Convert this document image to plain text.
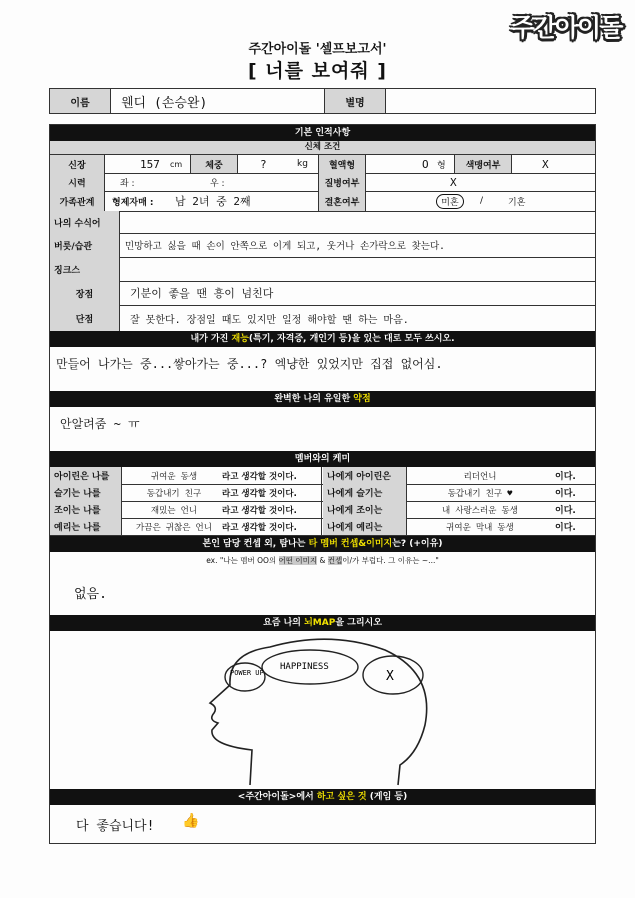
주간아이돌
주간아이돌 '셀프보고서'
[ 너를 보여줘 ]
이름	웬디 (손승완)	별명
기본 인적사항
신체 조건
신장	157	cm	체중	?	kg	혈액형	O 형	색맹여부	X
시력	좌 :	우 :	질병여부	X
가족관계	형제자매 :	남 2녀 중 2째	결혼여부	미혼	/	기혼
나의 수식어
버릇/습관	민망하고 싫을 때 손이 안쪽으로 이게 되고, 웃거나 손가락으로 찾는다.
징크스
장점	기분이 좋을 땐 흥이 넘친다
단점	잘 못한다. 장점일 때도 있지만 일정 해야할 땐 하는 마음.
내가 가진 재능(특기, 자격증, 개인기 등)을 있는 대로 모두 쓰시오.
만들어 나가는 중...쌓아가는 중...? 엑냥한 있었지만 집접 없어심.
완벽한 나의 유일한 약점
안알려줌 ~ ㅠ
멤버와의 케미
아이린은 나를	귀여운 동생	라고 생각할 것이다.	나에게 아이린은	리더언니	이다.
슬기는 나를	동갑내기 친구	라고 생각할 것이다.	나에게 슬기는	동갑내기 친구 ♥	이다.
조이는 나를	재밌는 언니	라고 생각할 것이다.	나에게 조이는	내 사랑스러운 동생	이다.
예리는 나를	가끔은 귀찮은 언니	라고 생각할 것이다.	나에게 예리는	귀여운 막내 동생	이다.
본인 담당 컨셉 외, 탐나는 타 멤버 컨셉&이미지는? (+이유)
ex. "나는 멤버 OO의 어떤 이미지 & 컨셉이/가 부럽다. 그 이유는 ~..."
없음.
요즘 나의 뇌MAP을 그리시오
POWER UP
HAPPINESS
X
<주간아이돌>에서 하고 싶은 것 (게임 등)
다 좋습니다! 👍
